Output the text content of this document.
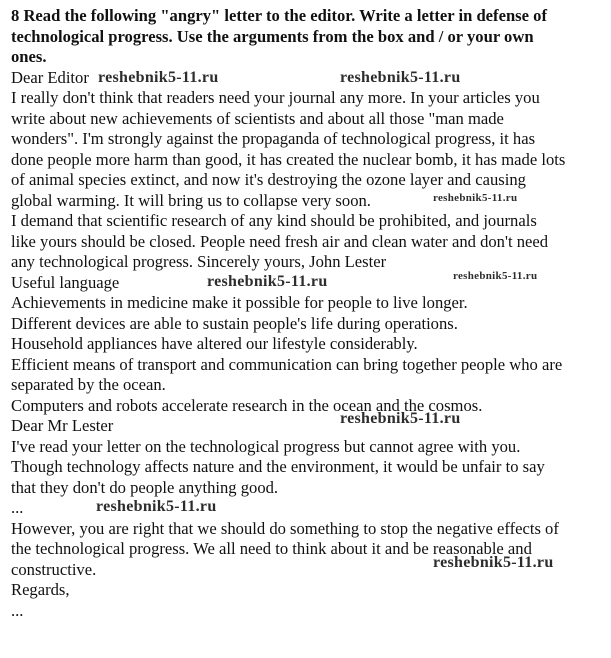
8 Read the following "angry" letter to the editor. Write a letter in defense of

technological progress. Use the arguments from the box and / or your own

ones.

Dear Editor

I really don't think that readers need your journal any more. In your articles you

write about new achievements of scientists and about all those "man made

wonders". I'm strongly against the propaganda of technological progress, it has

done people more harm than good, it has created the nuclear bomb, it has made lots

of animal species extinct, and now it's destroying the ozone layer and causing

global warming. It will bring us to collapse very soon.

I demand that scientific research of any kind should be prohibited, and journals

like yours should be closed. People need fresh air and clean water and don't need

any technological progress. Sincerely yours, John Lester

Useful language

Achievements in medicine make it possible for people to live longer.

Different devices are able to sustain people's life during operations.

Household appliances have altered our lifestyle considerably.

Efficient means of transport and communication can bring together people who are

separated by the ocean.

Computers and robots accelerate research in the ocean and the cosmos.

Dear Mr Lester

I've read your letter on the technological progress but cannot agree with you.

Though technology affects nature and the environment, it would be unfair to say

that they don't do people anything good.

...

However, you are right that we should do something to stop the negative effects of

the technological progress. We all need to think about it and be reasonable and

constructive.

Regards,

...

reshebnik5-11.ru	reshebnik5-11.ru
reshebnik5-11.ru
reshebnik5-11.ru
reshebnik5-11.ru
reshebnik5-11.ru
reshebnik5-11.ru
reshebnik5-11.ru
